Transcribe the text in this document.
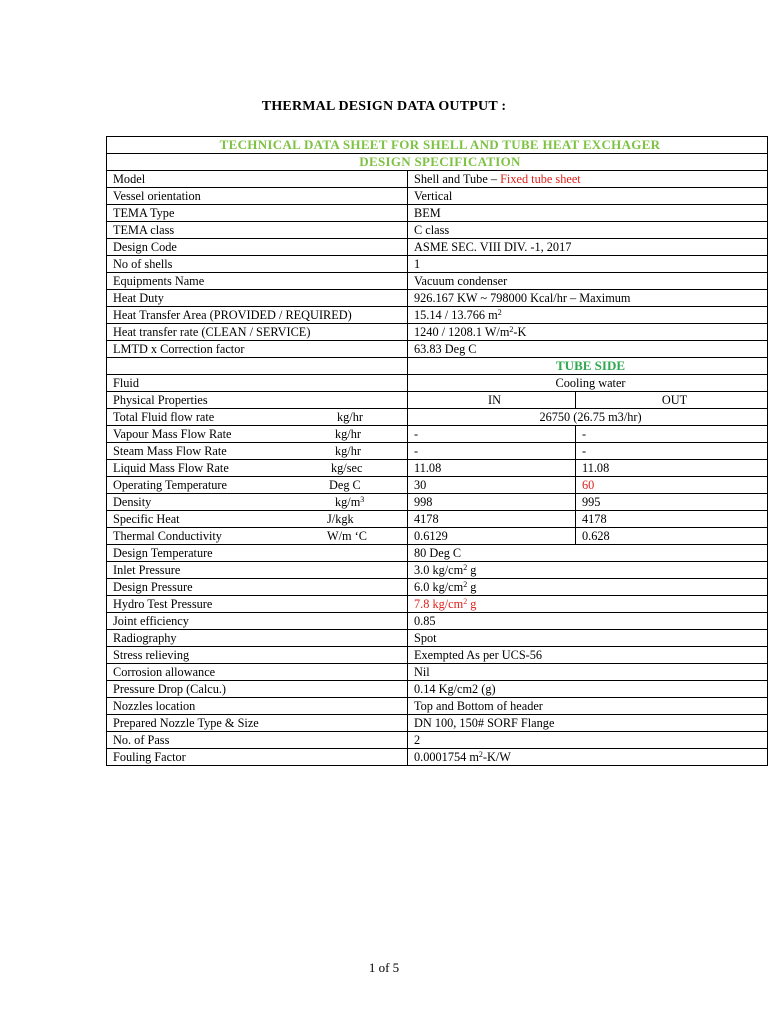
THERMAL DESIGN DATA OUTPUT :
TECHNICAL DATA SHEET FOR SHELL AND TUBE HEAT EXCHAGER		
DESIGN SPECIFICATION		
Model	Shell and Tube – Fixed tube sheet	
Vessel orientation	Vertical	
TEMA Type	BEM	
TEMA class	C class	
Design Code	ASME SEC. VIII DIV. -1, 2017	
No of shells	1	
Equipments Name	Vacuum condenser	
Heat Duty	926.167 KW ~ 798000 Kcal/hr – Maximum	
Heat Transfer Area (PROVIDED / REQUIRED)	15.14 / 13.766 $m^2$
Heat transfer rate (CLEAN / SERVICE)	1240 / 1208.1 $W/m^2-K$	
LMTD x Correction factor	63.83 Deg C	
	TUBE SIDE	
Fluid	Cooling water	
Physical Properties	IN	OUT

Total Fluid flow rate kg/hr	26750 (26.75 m3/hr)	

Vapour Mass Flow Rate kg/hr	-	-

Steam Mass Flow Rate kg/hr	-	-

Liquid Mass Flow Rate kg/sec	11.08	11.08

Operating Temperature Deg C	30	60

Density $kg/m^3$	998	995

Specific Heat J/kgk	4178	4178

Thermal Conductivity W/m ‘C	0.6129	0.628
Design Temperature	80 Deg C	
Inlet Pressure	3.0 $kg/cm^2$ g	
Design Pressure	6.0 $kg/cm^2$ g	
Hydro Test Pressure	7.8 $kg/cm^2$ g	
Joint efficiency	0.85	
Radiography	Spot	
Stress relieving	Exempted As per UCS-56	
Corrosion allowance	Nil	
Pressure Drop (Calcu.)	0.14 Kg/cm2 (g)	
Nozzles location	Top and Bottom of header	
Prepared Nozzle Type & Size	DN 100, 150# SORF Flange	
No. of Pass	2	
Fouling Factor	0.0001754 $m^2-K/W$	
1 of 5
